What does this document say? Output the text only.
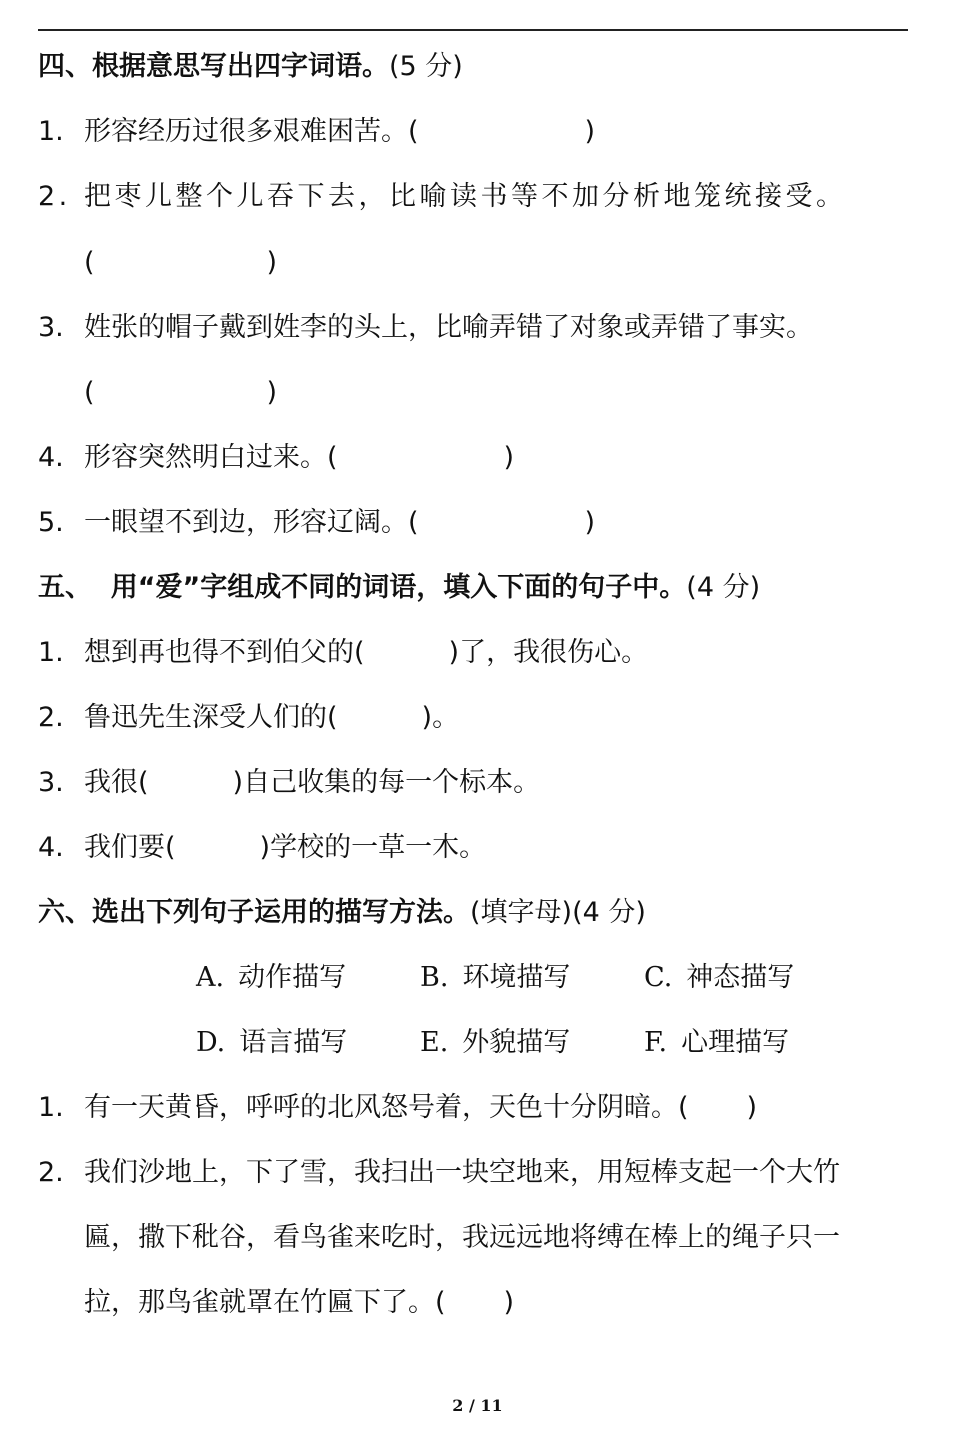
四、根据意思写出四字词语。(5 分)
1. 形容经历过很多艰难困苦。(	)
2. 把枣儿整个儿吞下去，比喻读书等不加分析地笼统接受。
(	)
3. 姓张的帽子戴到姓李的头上，比喻弄错了对象或弄错了事实。
(	)
4. 形容突然明白过来。(	)
5. 一眼望不到边，形容辽阔。(	)
五、  用“爱”字组成不同的词语，填入下面的句子中。(4 分)
1. 想到再也得不到伯父的(	)了，我很伤心。
2. 鲁迅先生深受人们的(	)。
3. 我很(	)自己收集的每一个标本。
4. 我们要(	)学校的一草一木。
六、选出下列句子运用的描写方法。(填字母)(4 分)
A. 动作描写	B. 环境描写	C. 神态描写
D. 语言描写	E. 外貌描写	F. 心理描写
1. 有一天黄昏，呼呼的北风怒号着，天色十分阴暗。( )
2. 我们沙地上，下了雪，我扫出一块空地来，用短棒支起一个大竹
匾，撒下秕谷，看鸟雀来吃时，我远远地将缚在棒上的绳子只一
拉，那鸟雀就罩在竹匾下了。( )
2 / 11
